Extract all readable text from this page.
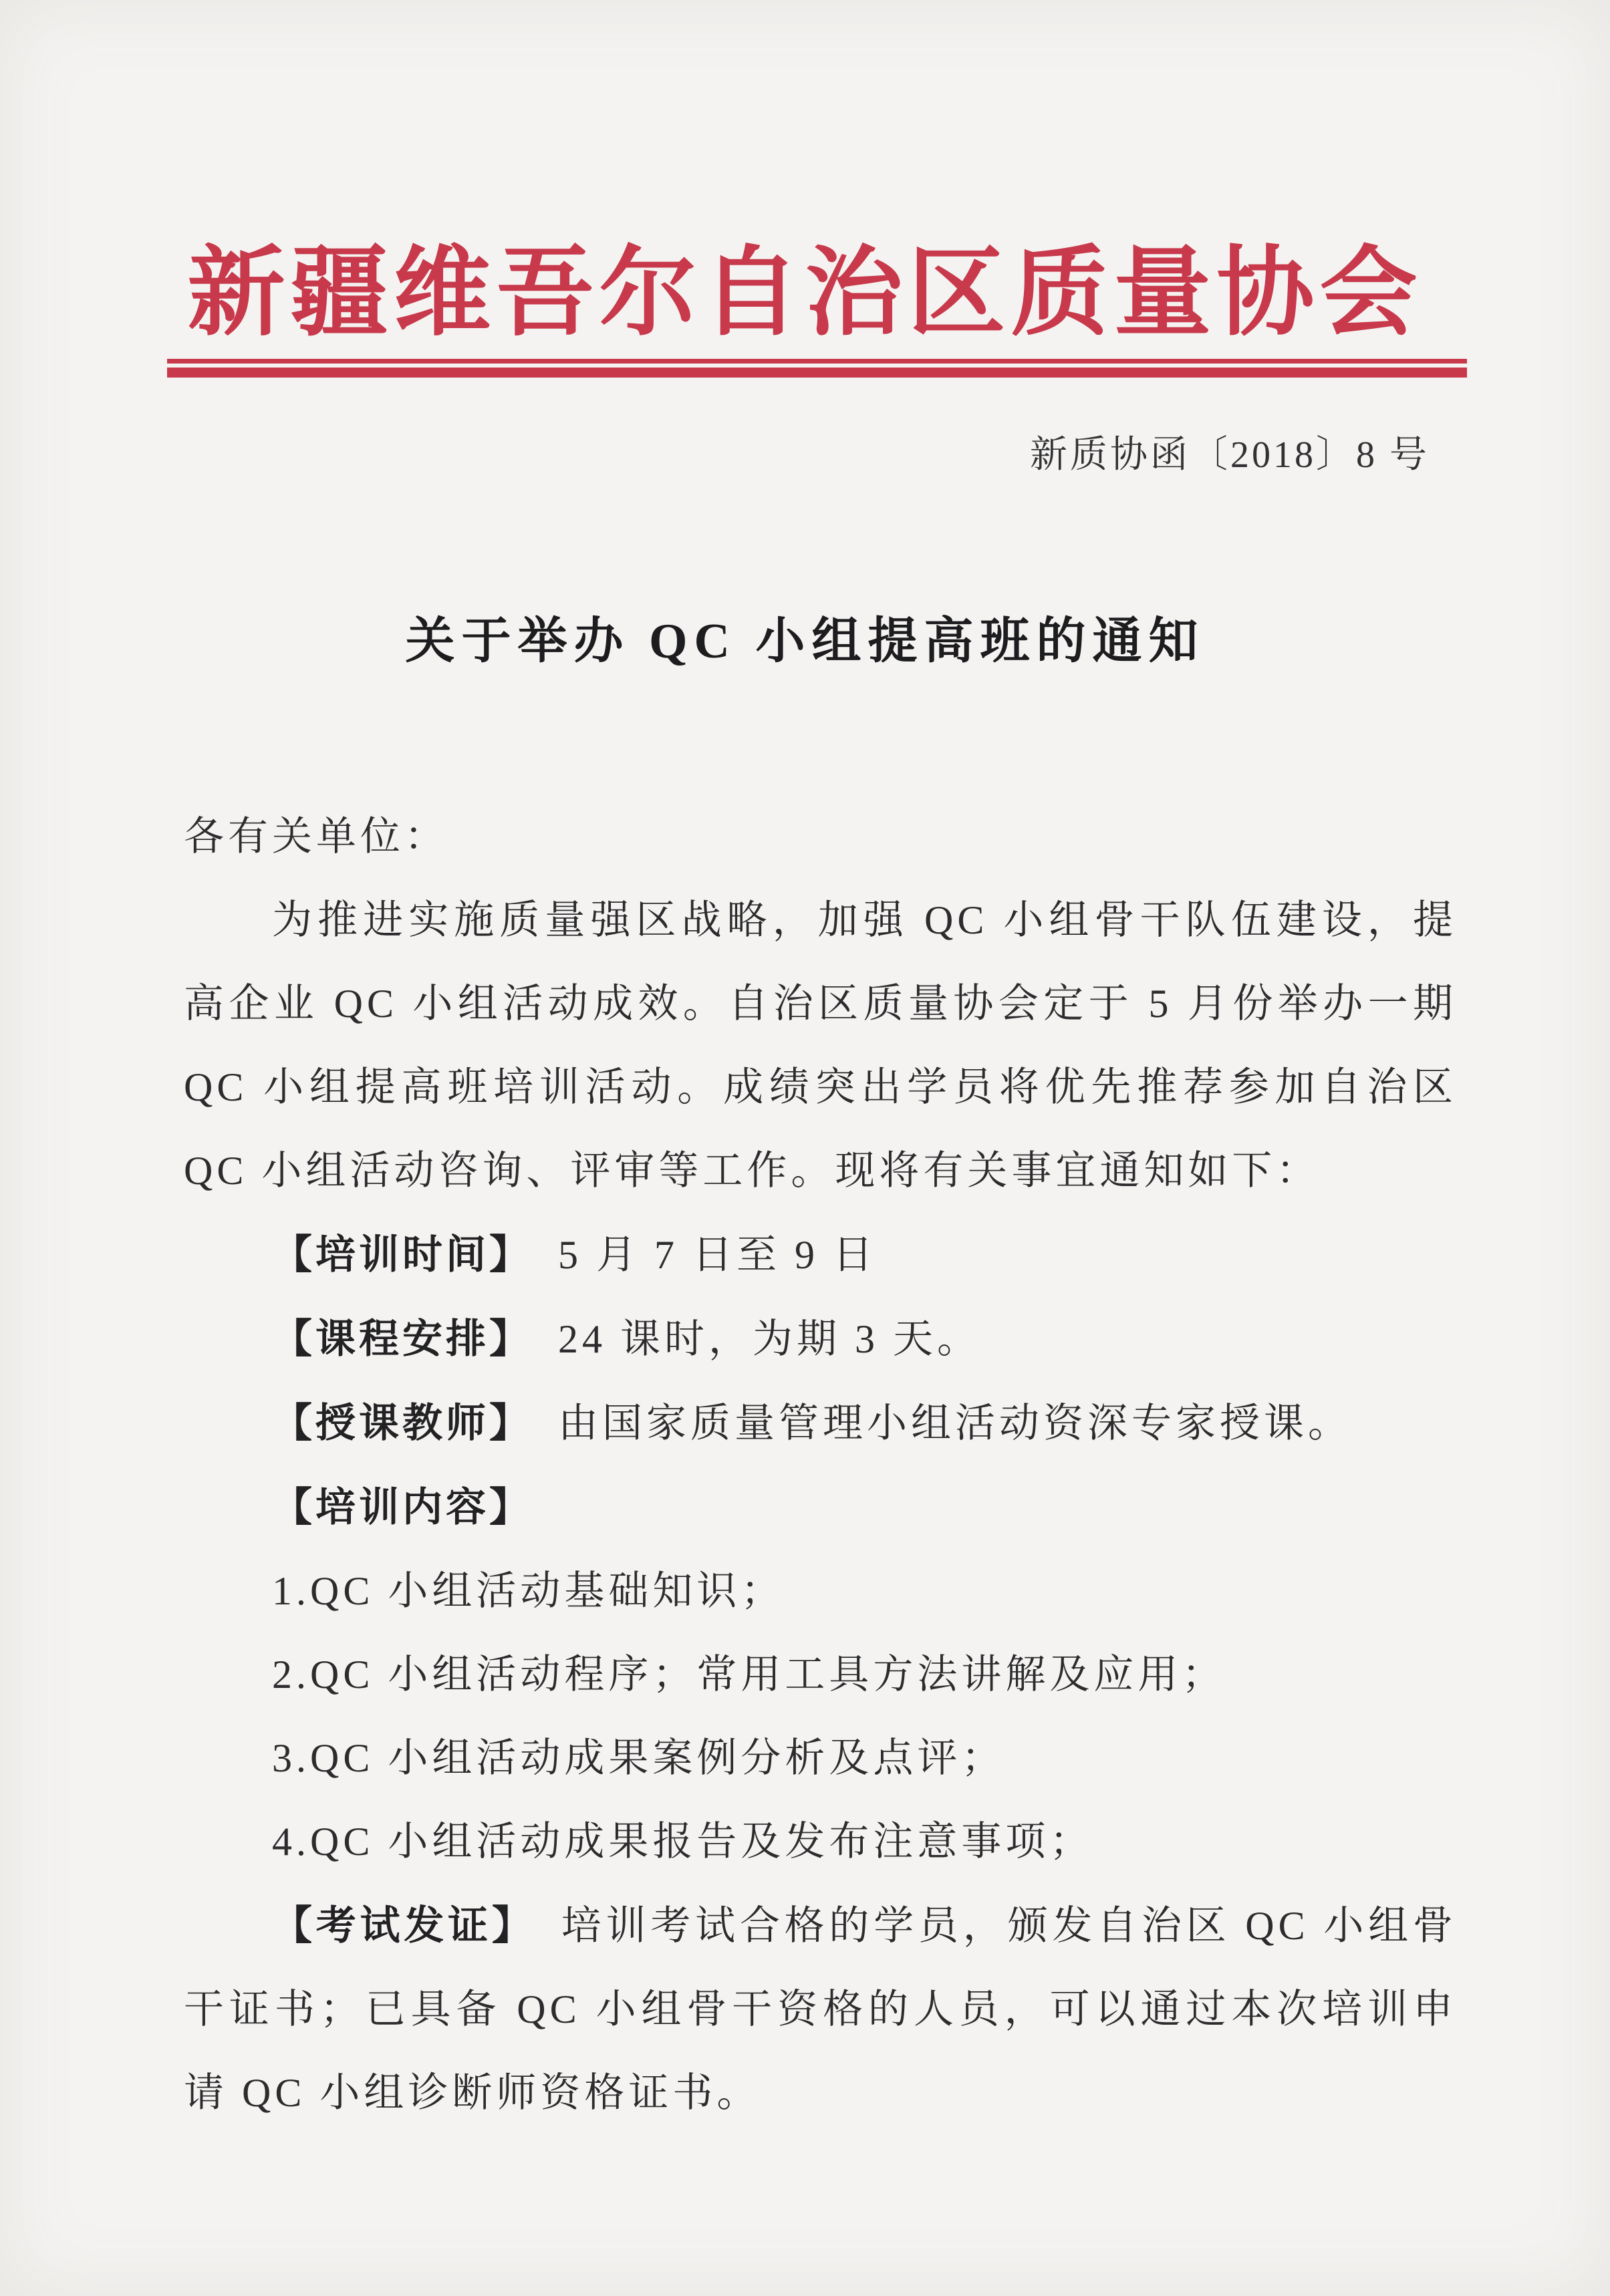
新疆维吾尔自治区质量协会
新质协函〔2018〕8 号
关于举办 QC 小组提高班的通知

各有关单位：

为推进实施质量强区战略，加强 QC 小组骨干队伍建设，提高企业 QC 小组活动成效。自治区质量协会定于 5 月份举办一期 QC 小组提高班培训活动。成绩突出学员将优先推荐参加自治区 QC 小组活动咨询、评审等工作。现将有关事宜通知如下：

【培训时间】 5 月 7 日至 9 日
【课程安排】 24 课时，为期 3 天。
【授课教师】 由国家质量管理小组活动资深专家授课。
【培训内容】
1.QC 小组活动基础知识；
2.QC 小组活动程序；常用工具方法讲解及应用；
3.QC 小组活动成果案例分析及点评；
4.QC 小组活动成果报告及发布注意事项；

【考试发证】 培训考试合格的学员，颁发自治区 QC 小组骨干证书；已具备 QC 小组骨干资格的人员，可以通过本次培训申请 QC 小组诊断师资格证书。
